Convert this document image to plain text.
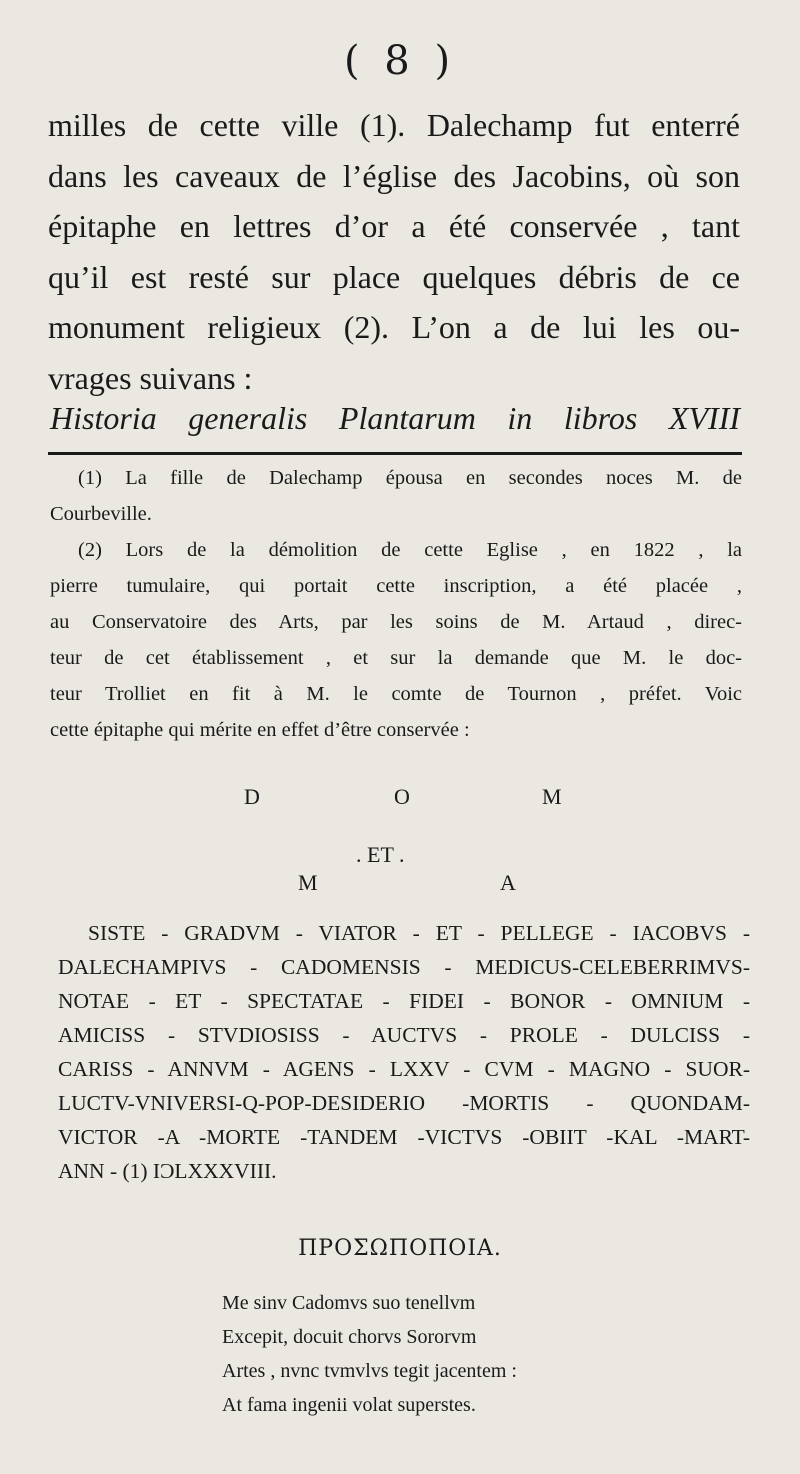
( 8 )
milles de cette ville (1). Dalechamp fut enterré
dans les caveaux de l’église des Jacobins, où son
épitaphe en lettres d’or a été conservée , tant
qu’il est resté sur place quelques débris de ce
monument religieux (2). L’on a de lui les ou-
vrages suivans :
Historia generalis Plantarum in libros XVIII
(1) La fille de Dalechamp épousa en secondes noces M. de
Courbeville.
(2) Lors de la démolition de cette Eglise , en 1822 , la
pierre tumulaire, qui portait cette inscription, a été placée ,
au Conservatoire des Arts, par les soins de M. Artaud , direc-
teur de cet établissement , et sur la demande que M. le doc-
teur Trolliet en fit à M. le comte de Tournon , préfet. Voic
cette épitaphe qui mérite en effet d’être conservée :
D	O	M
. ET .
M	A
SISTE - GRADVM - VIATOR - ET - PELLEGE - IACOBVS -
DALECHAMPIVS - CADOMENSIS - MEDICUS-CELEBERRIMVS-
NOTAE - ET - SPECTATAE - FIDEI - BONOR - OMNIUM -
AMICISS - STVDIOSISS - AUCTVS - PROLE - DULCISS -
CARISS - ANNVM - AGENS - LXXV - CVM - MAGNO - SUOR-
LUCTV-VNIVERSI-Q-POP-DESIDERIO -MORTIS - QUONDAM-
VICTOR -A -MORTE -TANDEM -VICTVS -OBIIT -KAL -MART-
ANN - (1) IϽLXXXVIII.
ΠΡΟΣΩΠΟΠΟΙΑ.
Me sinv Cadomvs suo tenellvm
Excepit, docuit chorvs Sororvm
Artes , nvnc tvmvlvs tegit jacentem :
At fama ingenii volat superstes.
